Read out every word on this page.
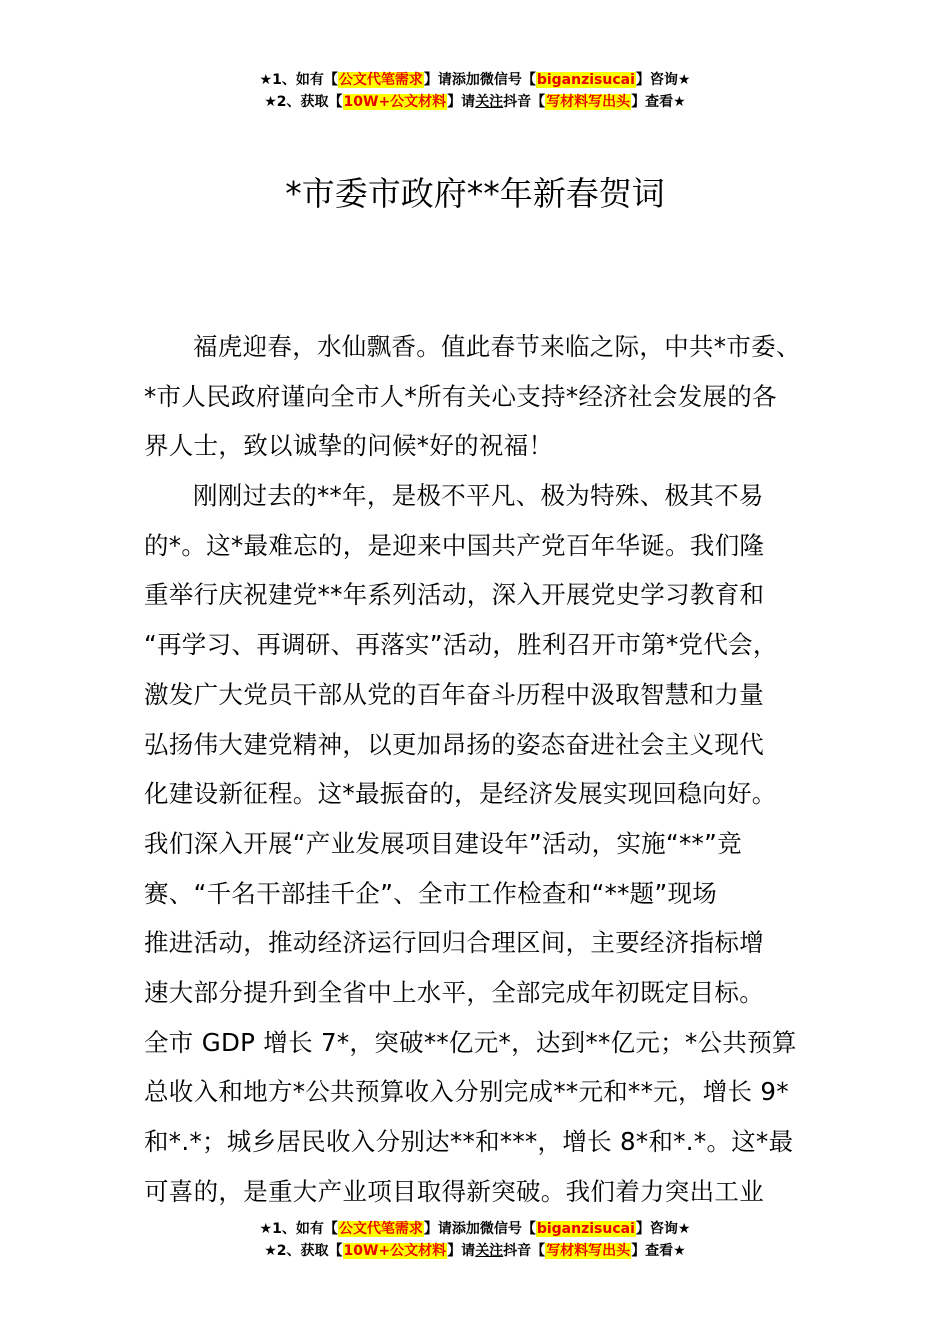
★1、如有【公文代笔需求】请添加微信号【biganzisucai】咨询★
★2、获取【10W+公文材料】请关注抖音【写材料写出头】查看★
*市委市政府**年新春贺词
福虎迎春，水仙飘香。值此春节来临之际，中共*市委、
*市人民政府谨向全市人*所有关心支持*经济社会发展的各
界人士，致以诚挚的问候*好的祝福！
刚刚过去的**年，是极不平凡、极为特殊、极其不易
的*。这*最难忘的，是迎来中国共产党百年华诞。我们隆
重举行庆祝建党**年系列活动，深入开展党史学习教育和
“再学习、再调研、再落实”活动，胜利召开市第*党代会，
激发广大党员干部从党的百年奋斗历程中汲取智慧和力量
弘扬伟大建党精神，以更加昂扬的姿态奋进社会主义现代
化建设新征程。这*最振奋的，是经济发展实现回稳向好。
我们深入开展“产业发展项目建设年”活动，实施“**”竞
赛、“千名干部挂千企”、全市工作检查和“**题”现场
推进活动，推动经济运行回归合理区间，主要经济指标增
速大部分提升到全省中上水平，全部完成年初既定目标。
全市 GDP 增长 7*，突破**亿元*，达到**亿元；*公共预算
总收入和地方*公共预算收入分别完成**元和**元，增长 9*
和*.*；城乡居民收入分别达**和***，增长 8*和*.*。这*最
可喜的，是重大产业项目取得新突破。我们着力突出工业
★1、如有【公文代笔需求】请添加微信号【biganzisucai】咨询★
★2、获取【10W+公文材料】请关注抖音【写材料写出头】查看★
